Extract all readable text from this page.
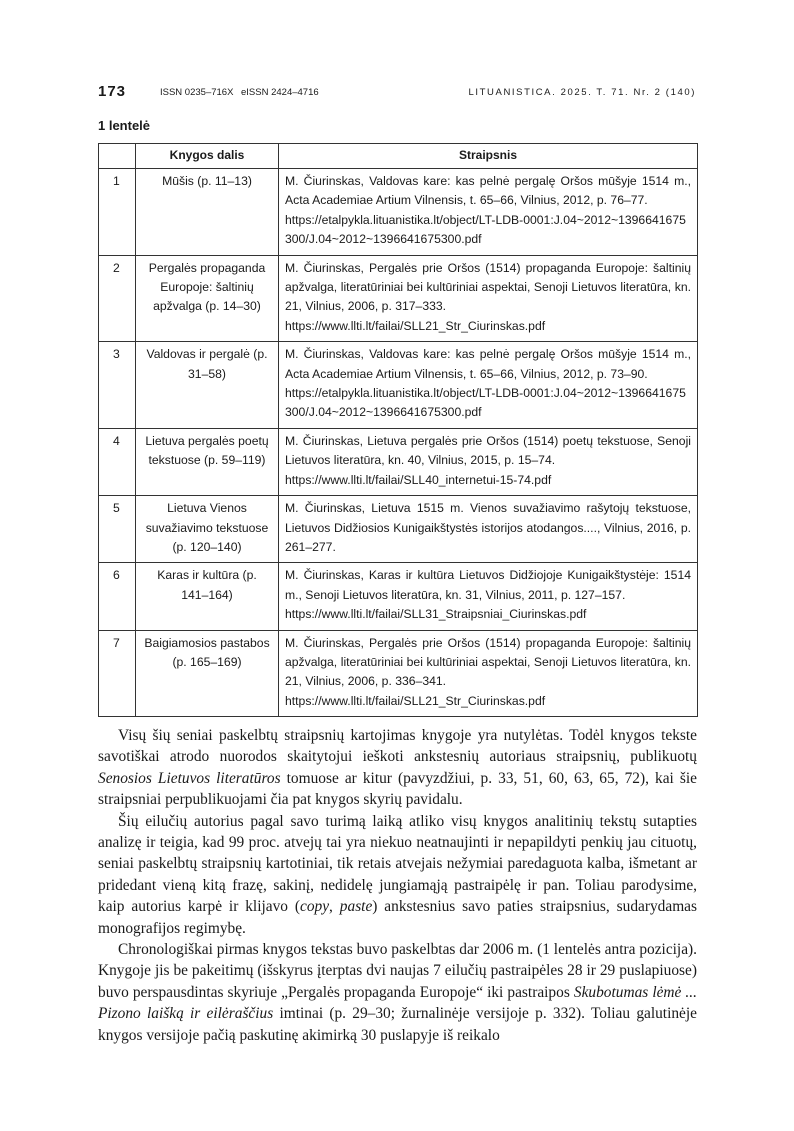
173	ISSN 0235–716X eISSN 2424–4716	LITUANISTICA. 2025. T. 71. Nr. 2 (140)
1 lentelė
	Knygos dalis	Straipsnis
1	Mūšis (p. 11–13)	M. Čiurinskas, Valdovas kare: kas pelnė pergalę Oršos mūšyje 1514 m., Acta Academiae Artium Vilnensis, t. 65–66, Vilnius, 2012, p. 76–77.
https://etalpykla.lituanistika.lt/object/LT-LDB-0001:J.04~2012~1396641675300/J.04~2012~1396641675300.pdf

2	Pergalės propaganda Europoje: šaltinių apžvalga (p. 14–30)	M. Čiurinskas, Pergalės prie Oršos (1514) propaganda Europoje: šaltinių apžvalga, literatūriniai bei kultūriniai aspektai, Senoji Lietuvos literatūra, kn. 21, Vilnius, 2006, p. 317–333.
https://www.llti.lt/failai/SLL21_Str_Ciurinskas.pdf

3	Valdovas ir pergalė (p. 31–58)	M. Čiurinskas, Valdovas kare: kas pelnė pergalę Oršos mūšyje 1514 m., Acta Academiae Artium Vilnensis, t. 65–66, Vilnius, 2012, p. 73–90.
https://etalpykla.lituanistika.lt/object/LT-LDB-0001:J.04~2012~1396641675300/J.04~2012~1396641675300.pdf

4	Lietuva pergalės poetų tekstuose (p. 59–119)	M. Čiurinskas, Lietuva pergalės prie Oršos (1514) poetų tekstuose, Senoji Lietuvos literatūra, kn. 40, Vilnius, 2015, p. 15–74.
https://www.llti.lt/failai/SLL40_internetui-15-74.pdf

5	Lietuva Vienos suvažiavimo tekstuose (p. 120–140)	M. Čiurinskas, Lietuva 1515 m. Vienos suvažiavimo rašytojų tekstuose, Lietuvos Didžiosios Kunigaikštystės istorijos atodangos...., Vilnius, 2016, p. 261–277.

6	Karas ir kultūra (p. 141–164)	M. Čiurinskas, Karas ir kultūra Lietuvos Didžiojoje Kunigaikštystėje: 1514 m., Senoji Lietuvos literatūra, kn. 31, Vilnius, 2011, p. 127–157.
https://www.llti.lt/failai/SLL31_Straipsniai_Ciurinskas.pdf

7	Baigiamosios pastabos (p. 165–169)	M. Čiurinskas, Pergalės prie Oršos (1514) propaganda Europoje: šaltinių apžvalga, literatūriniai bei kultūriniai aspektai, Senoji Lietuvos literatūra, kn. 21, Vilnius, 2006, p. 336–341.
https://www.llti.lt/failai/SLL21_Str_Ciurinskas.pdf

Visų šių seniai paskelbtų straipsnių kartojimas knygoje yra nutylėtas. Todėl knygos tekste savotiškai atrodo nuorodos skaitytojui ieškoti ankstesnių autoriaus straipsnių, publikuotų Senosios Lietuvos literatūros tomuose ar kitur (pavyzdžiui, p. 33, 51, 60, 63, 65, 72), kai šie straipsniai perpublikuojami čia pat knygos skyrių pavidalu.

Šių eilučių autorius pagal savo turimą laiką atliko visų knygos analitinių tekstų sutapties analizę ir teigia, kad 99 proc. atvejų tai yra niekuo neatnaujinti ir nepapildyti penkių jau cituotų, seniai paskelbtų straipsnių kartotiniai, tik retais atvejais nežymiai paredaguota kalba, išmetant ar pridedant vieną kitą frazę, sakinį, nedidelę jungiamąją pastraipėlę ir pan. Toliau parodysime, kaip autorius karpė ir klijavo (copy, paste) ankstesnius savo paties straipsnius, sudarydamas monografijos regimybę.

Chronologiškai pirmas knygos tekstas buvo paskelbtas dar 2006 m. (1 lentelės antra pozicija). Knygoje jis be pakeitimų (išskyrus įterptas dvi naujas 7 eilučių pastraipėles 28 ir 29 puslapiuose) buvo perspausdintas skyriuje „Pergalės propaganda Europoje“ iki pastraipos Skubotumas lėmė ... Pizono laišką ir eilėraščius imtinai (p. 29–30; žurnalinėje versijoje p. 332). Toliau galutinėje knygos versijoje pačią paskutinę akimirką 30 puslapyje iš reikalo
